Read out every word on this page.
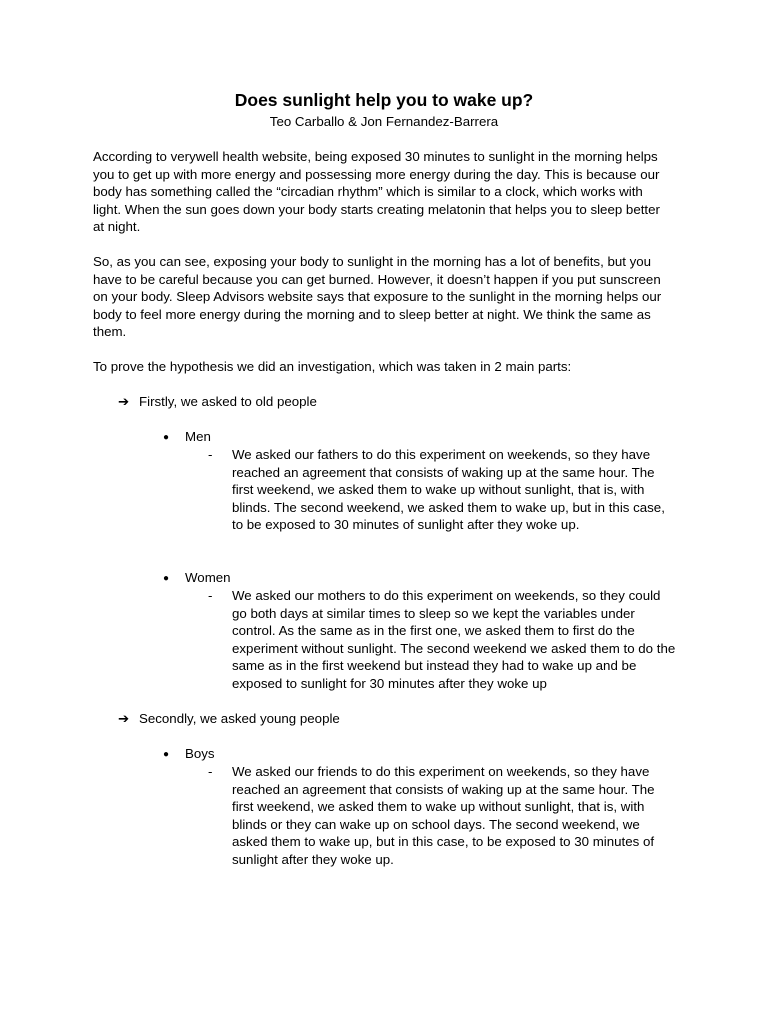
Does sunlight help you to wake up?
Teo Carballo & Jon Fernandez-Barrera

According to verywell health website, being exposed 30 minutes to sunlight in the morning helps you to get up with more energy and possessing more energy during the day. This is because our body has something called the “circadian rhythm” which is similar to a clock, which works with light. When the sun goes down your body starts creating melatonin that helps you to sleep better at night.

So, as you can see, exposing your body to sunlight in the morning has a lot of benefits, but you have to be careful because you can get burned. However, it doesn’t happen if you put sunscreen on your body. Sleep Advisors website says that exposure to the sunlight in the morning helps our body to feel more energy during the morning and to sleep better at night. We think the same as them.

To prove the hypothesis we did an investigation, which was taken in 2 main parts:

➔ Firstly, we asked to old people
● Men
- We asked our fathers to do this experiment on weekends, so they have reached an agreement that consists of waking up at the same hour. The first weekend, we asked them to wake up without sunlight, that is, with blinds. The second weekend, we asked them to wake up, but in this case, to be exposed to 30 minutes of sunlight after they woke up.
● Women
- We asked our mothers to do this experiment on weekends, so they could go both days at similar times to sleep so we kept the variables under control. As the same as in the first one, we asked them to first do the experiment without sunlight. The second weekend we asked them to do the same as in the first weekend but instead they had to wake up and be exposed to sunlight for 30 minutes after they woke up
➔ Secondly, we asked young people
● Boys
- We asked our friends to do this experiment on weekends, so they have reached an agreement that consists of waking up at the same hour. The first weekend, we asked them to wake up without sunlight, that is, with blinds or they can wake up on school days. The second weekend, we asked them to wake up, but in this case, to be exposed to 30 minutes of sunlight after they woke up.
